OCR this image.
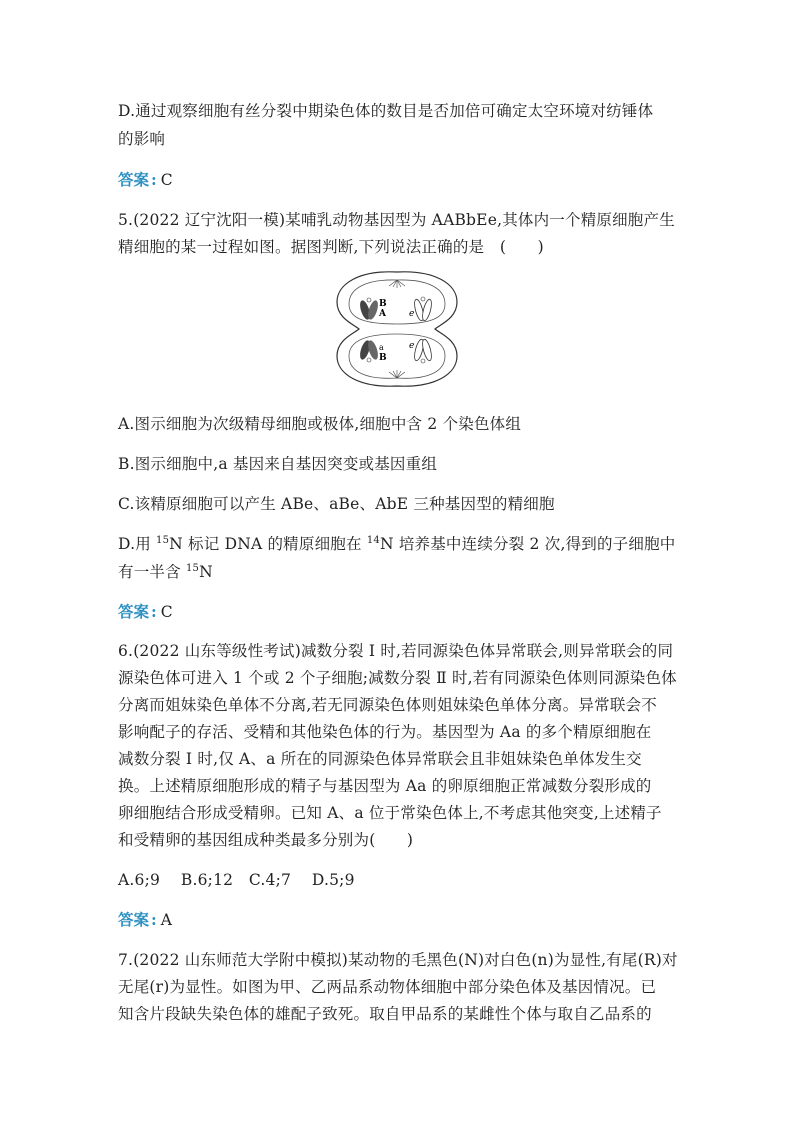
D.通过观察细胞有丝分裂中期染色体的数目是否加倍可确定太空环境对纺锤体
的影响
答案 : C
5.(2022 辽宁沈阳一模)某哺乳动物基因型为 AABbEe,其体内一个精原细胞产生
精细胞的某一过程如图。据图判断,下列说法正确的是　(　　)
B
A	e
a
B
e
A.图示细胞为次级精母细胞或极体,细胞中含 2 个染色体组
B.图示细胞中,a 基因来自基因突变或基因重组
C.该精原细胞可以产生 ABe、aBe、AbE 三种基因型的精细胞
D.用 $^{15}$N 标记 DNA 的精原细胞在 $^{14}$N 培养基中连续分裂 2 次,得到的子细胞中
有一半含 $^{15}$N
答案 : C
6.(2022 山东等级性考试)减数分裂 Ⅰ 时,若同源染色体异常联会,则异常联会的同
源染色体可进入 1 个或 2 个子细胞;减数分裂 Ⅱ 时,若有同源染色体则同源染色体
分离而姐妹染色单体不分离,若无同源染色体则姐妹染色单体分离。异常联会不
影响配子的存活、受精和其他染色体的行为。基因型为 Aa 的多个精原细胞在
减数分裂 Ⅰ 时,仅 A、a 所在的同源染色体异常联会且非姐妹染色单体发生交
换。上述精原细胞形成的精子与基因型为 Aa 的卵原细胞正常减数分裂形成的
卵细胞结合形成受精卵。已知 A、a 位于常染色体上,不考虑其他突变,上述精子
和受精卵的基因组成种类最多分别为(　　)
A.6;9　 B.6;12　C.4;7　 D.5;9
答案 : A
7.(2022 山东师范大学附中模拟)某动物的毛黑色(N)对白色(n)为显性,有尾(R)对
无尾(r)为显性。如图为甲、乙两品系动物体细胞中部分染色体及基因情况。已
知含片段缺失染色体的雄配子致死。取自甲品系的某雌性个体与取自乙品系的
